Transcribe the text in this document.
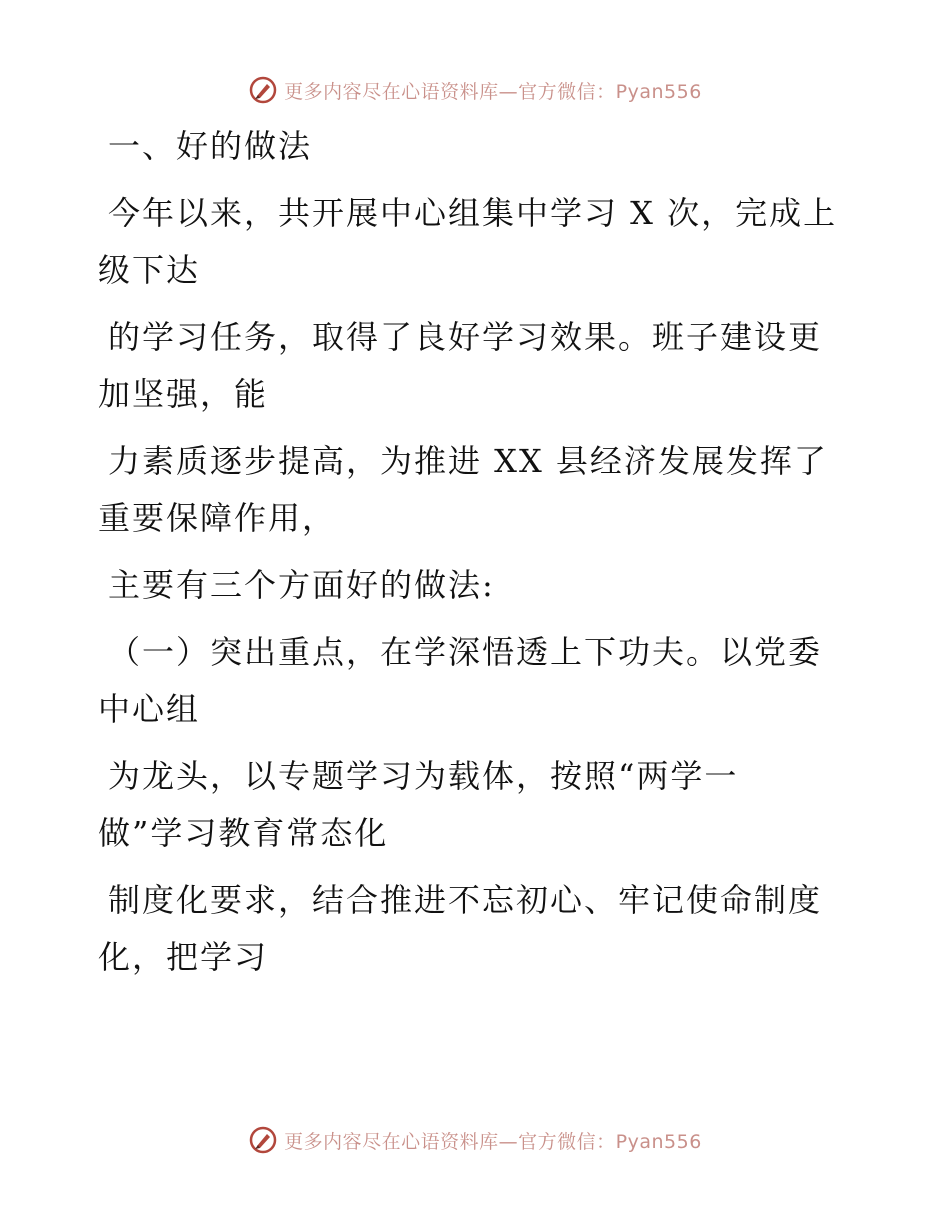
更多内容尽在心语资料库—官方微信：Pyan556
一、好的做法
今年以来，共开展中心组集中学习 X 次，完成上
级下达
的学习任务，取得了良好学习效果。班子建设更
加坚强，能
力素质逐步提高，为推进 XX 县经济发展发挥了
重要保障作用，
主要有三个方面好的做法:
（一）突出重点，在学深悟透上下功夫。以党委
中心组
为龙头，以专题学习为载体，按照“两学一
做”学习教育常态化
制度化要求，结合推进不忘初心、牢记使命制度
化，把学习
更多内容尽在心语资料库—官方微信：Pyan556
